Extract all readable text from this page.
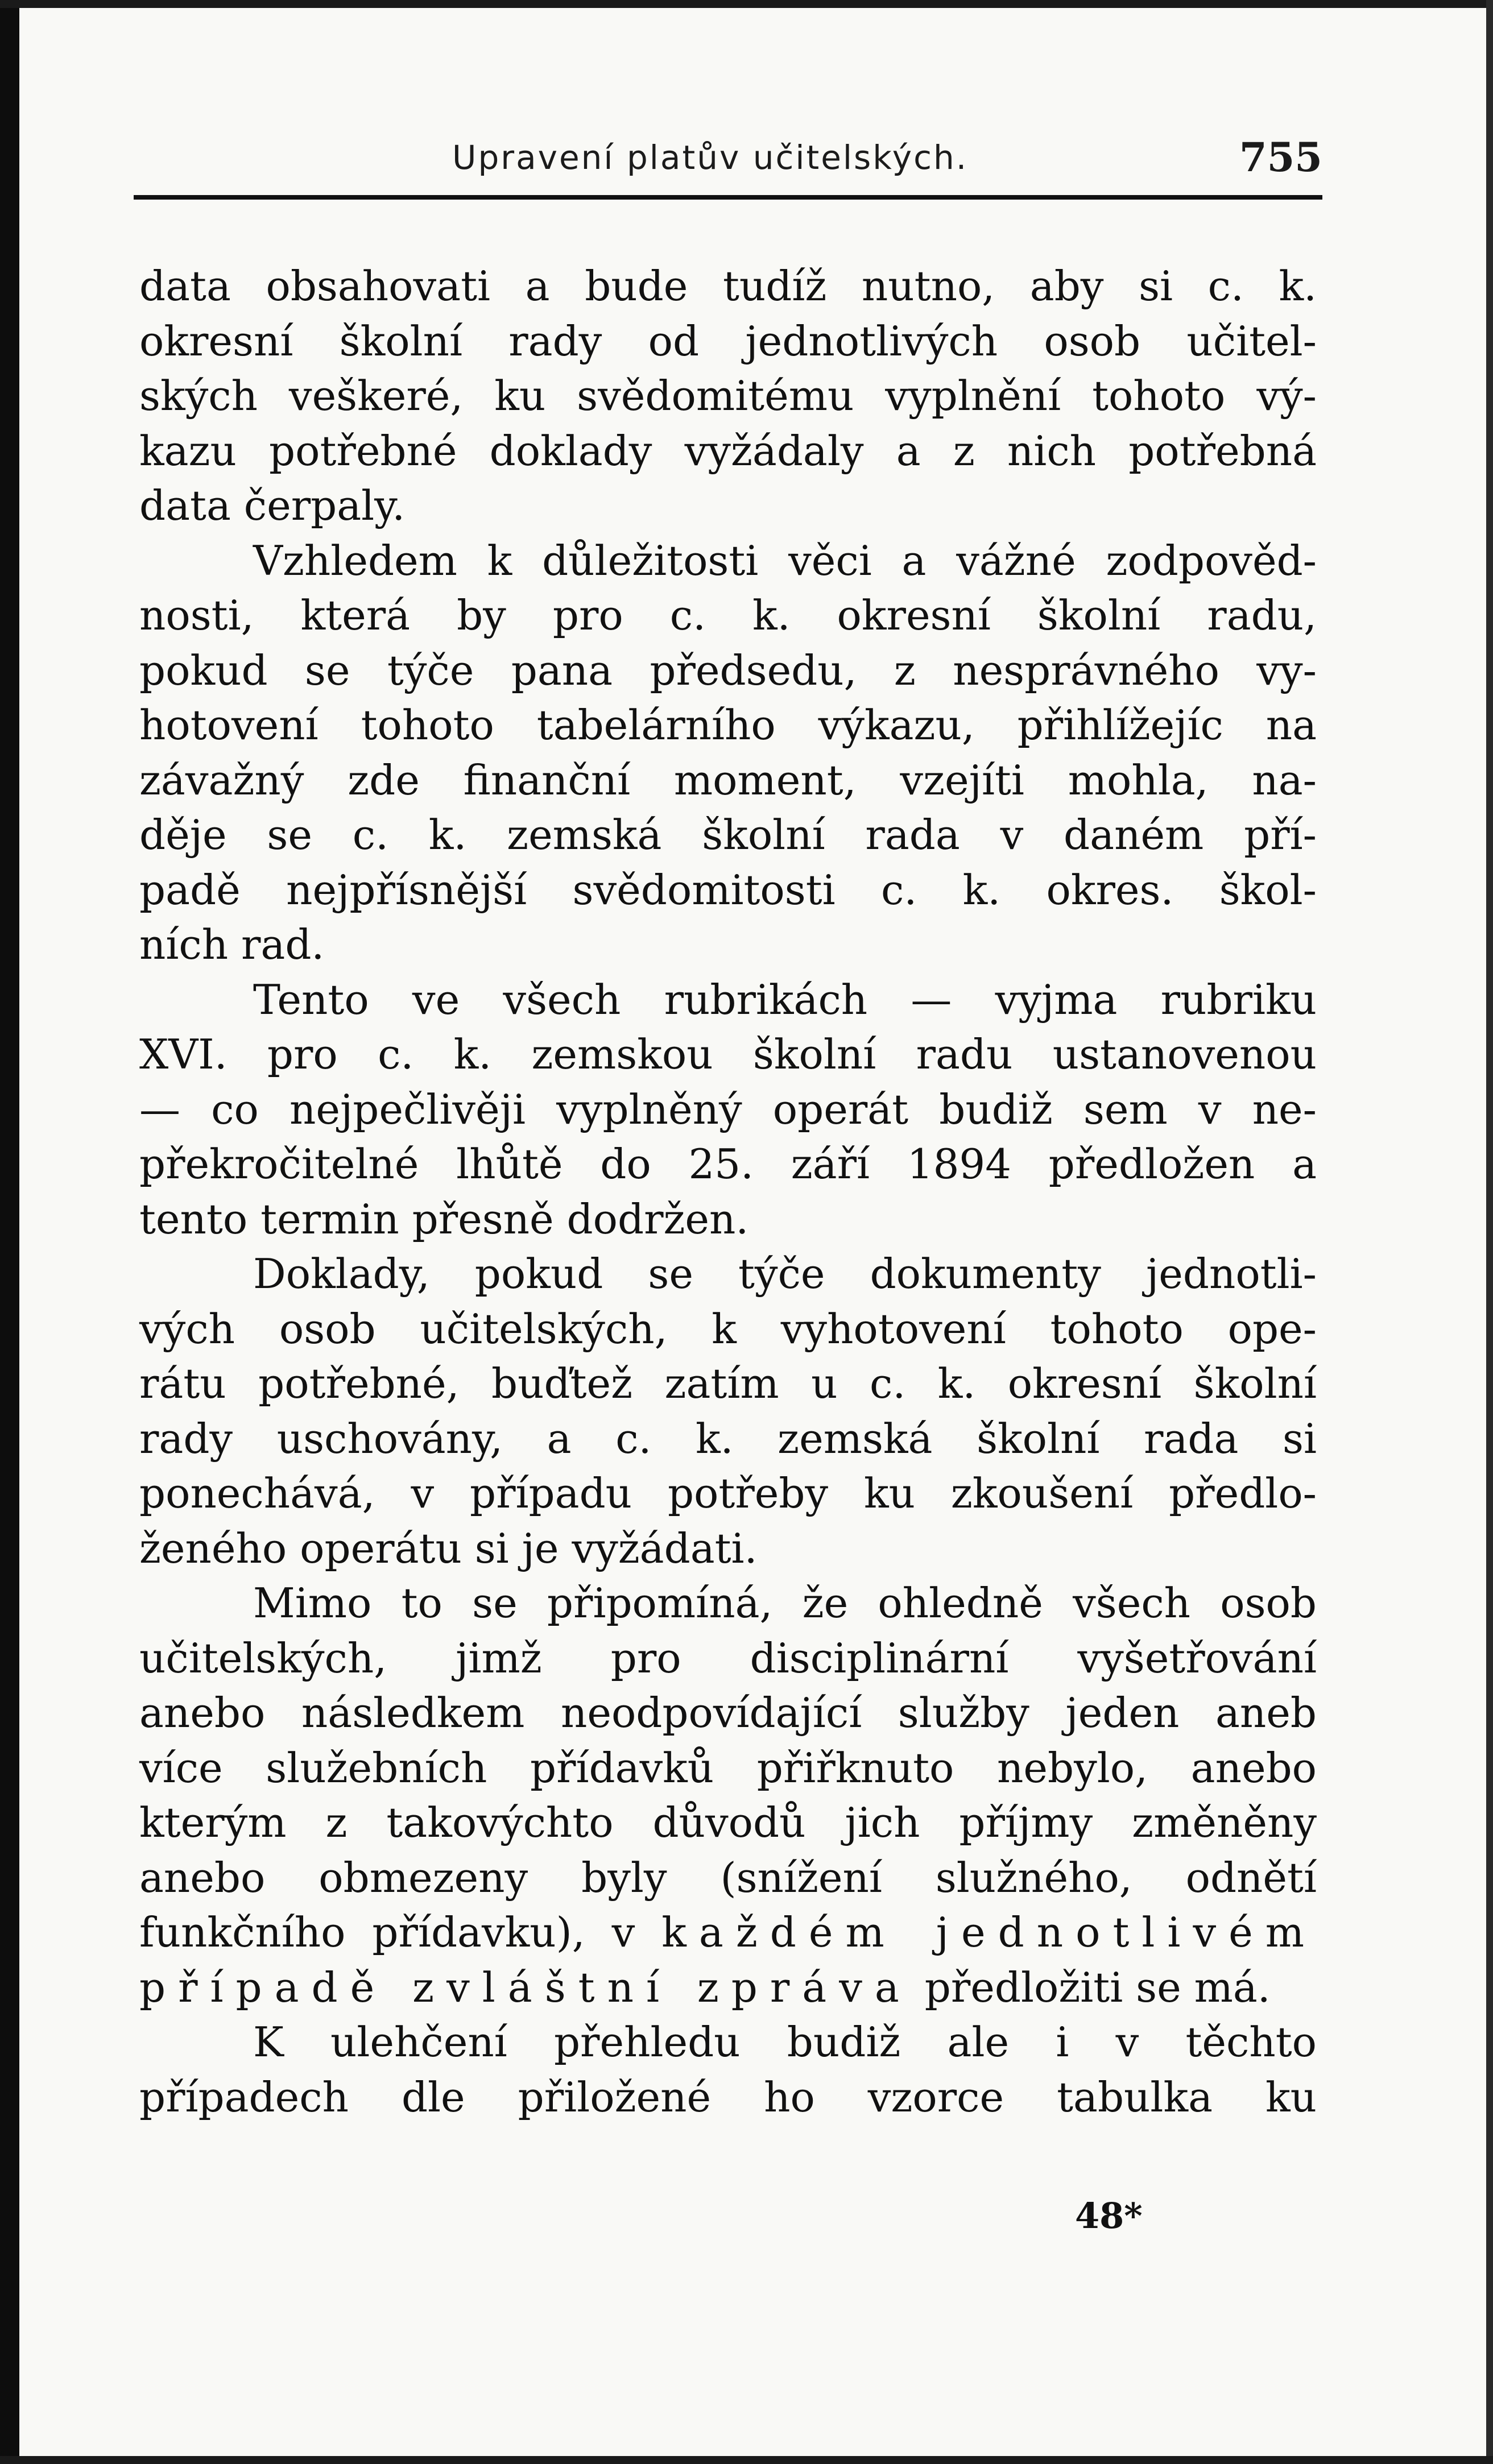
Upravení platův učitelských.	755
data obsahovati a bude tudíž nutno, aby si c. k.
okresní školní rady od jednotlivých osob učitel-
ských veškeré, ku svědomitému vyplnění tohoto vý-
kazu potřebné doklady vyžádaly a z nich potřebná
data čerpaly.
Vzhledem k důležitosti věci a vážné zodpověd-
nosti, která by pro c. k. okresní školní radu,
pokud se týče pana předsedu, z nesprávného vy-
hotovení tohoto tabelárního výkazu, přihlížejíc na
závažný zde finanční moment, vzejíti mohla, na-
děje se c. k. zemská školní rada v daném pří-
padě nejpřísnější svědomitosti c. k. okres. škol-
ních rad.
Tento ve všech rubrikách — vyjma rubriku
XVI. pro c. k. zemskou školní radu ustanovenou
— co nejpečlivěji vyplněný operát budiž sem v ne-
překročitelné lhůtě do 25. září 1894 předložen a
tento termin přesně dodržen.
Doklady, pokud se týče dokumenty jednotli-
vých osob učitelských, k vyhotovení tohoto ope-
rátu potřebné, buďtež zatím u c. k. okresní školní
rady uschovány, a c. k. zemská školní rada si
ponechává, v případu potřeby ku zkoušení předlo-
ženého operátu si je vyžádati.
Mimo to se připomíná, že ohledně všech osob
učitelských, jimž pro disciplinární vyšetřování
anebo následkem neodpovídající služby jeden aneb
více služebních přídavků přiřknuto nebylo, anebo
kterým z takovýchto důvodů jich příjmy změněny
anebo obmezeny byly (snížení služného, odnětí
funkčního přídavku), v každém jednotlivém
případě zvláštní zpráva předložiti se má.
K ulehčení přehledu budiž ale i v těchto
případech dle přiložené ho vzorce tabulka ku
48*
